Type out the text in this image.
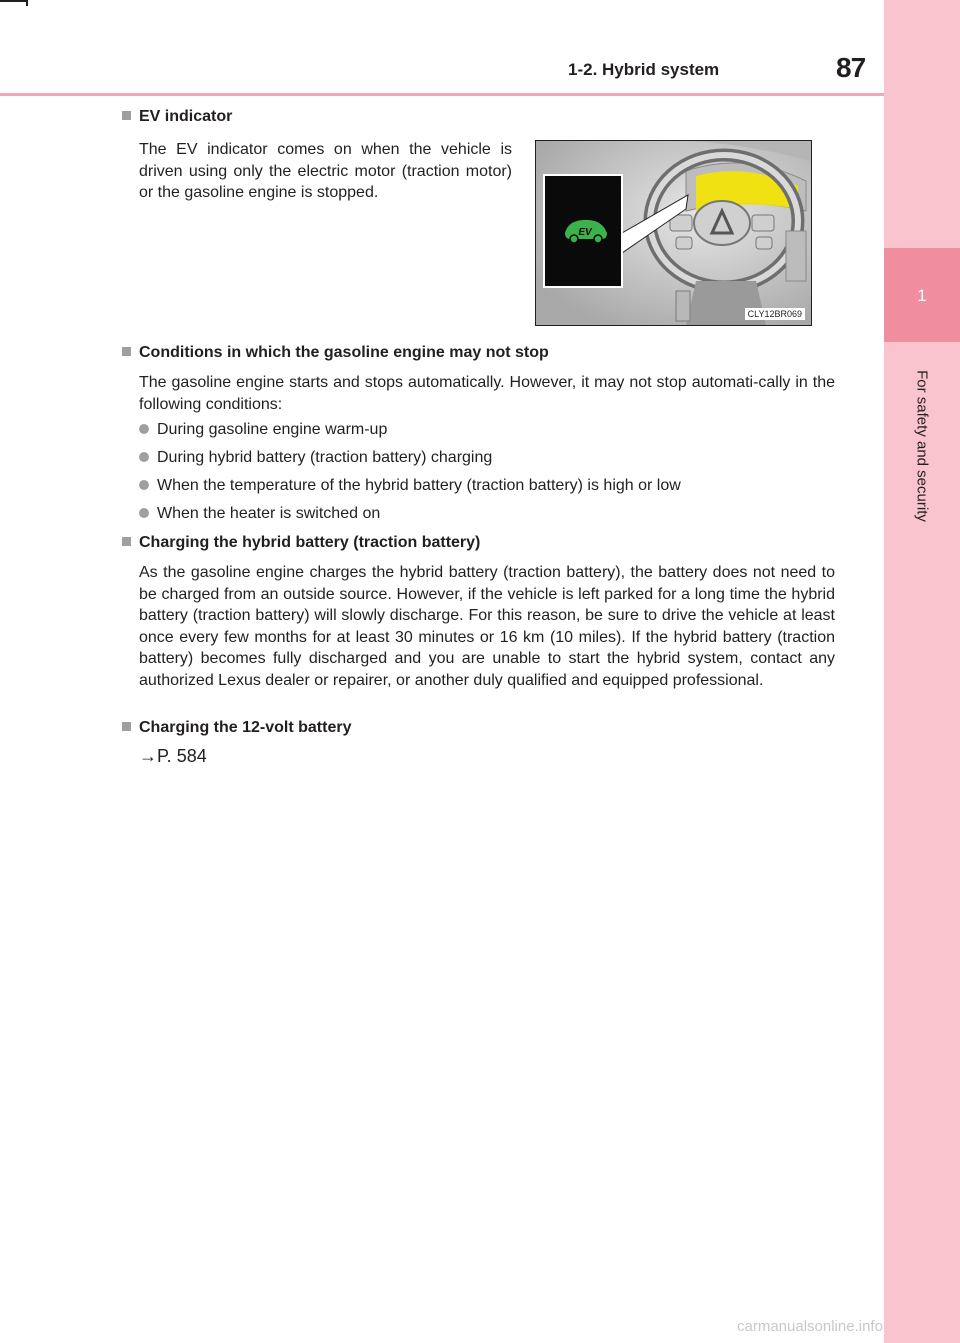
1
For safety and security
1-2. Hybrid system	87
EV indicator

The EV indicator comes on when the vehicle is driven using only the electric motor (traction motor) or the gasoline engine is stopped.

EV
CLY12BR069
Conditions in which the gasoline engine may not stop

The gasoline engine starts and stops automatically. However, it may not stop automati-cally in the following conditions:

During gasoline engine warm-up
During hybrid battery (traction battery) charging
When the temperature of the hybrid battery (traction battery) is high or low
When the heater is switched on
Charging the hybrid battery (traction battery)

As the gasoline engine charges the hybrid battery (traction battery), the battery does not need to be charged from an outside source. However, if the vehicle is left parked for a long time the hybrid battery (traction battery) will slowly discharge. For this reason, be sure to drive the vehicle at least once every few months for at least 30 minutes or 16 km (10 miles). If the hybrid battery (traction battery) becomes fully discharged and you are unable to start the hybrid system, contact any authorized Lexus dealer or repairer, or another duly qualified and equipped professional.

Charging the 12-volt battery
→P. 584
carmanualsonline.info
